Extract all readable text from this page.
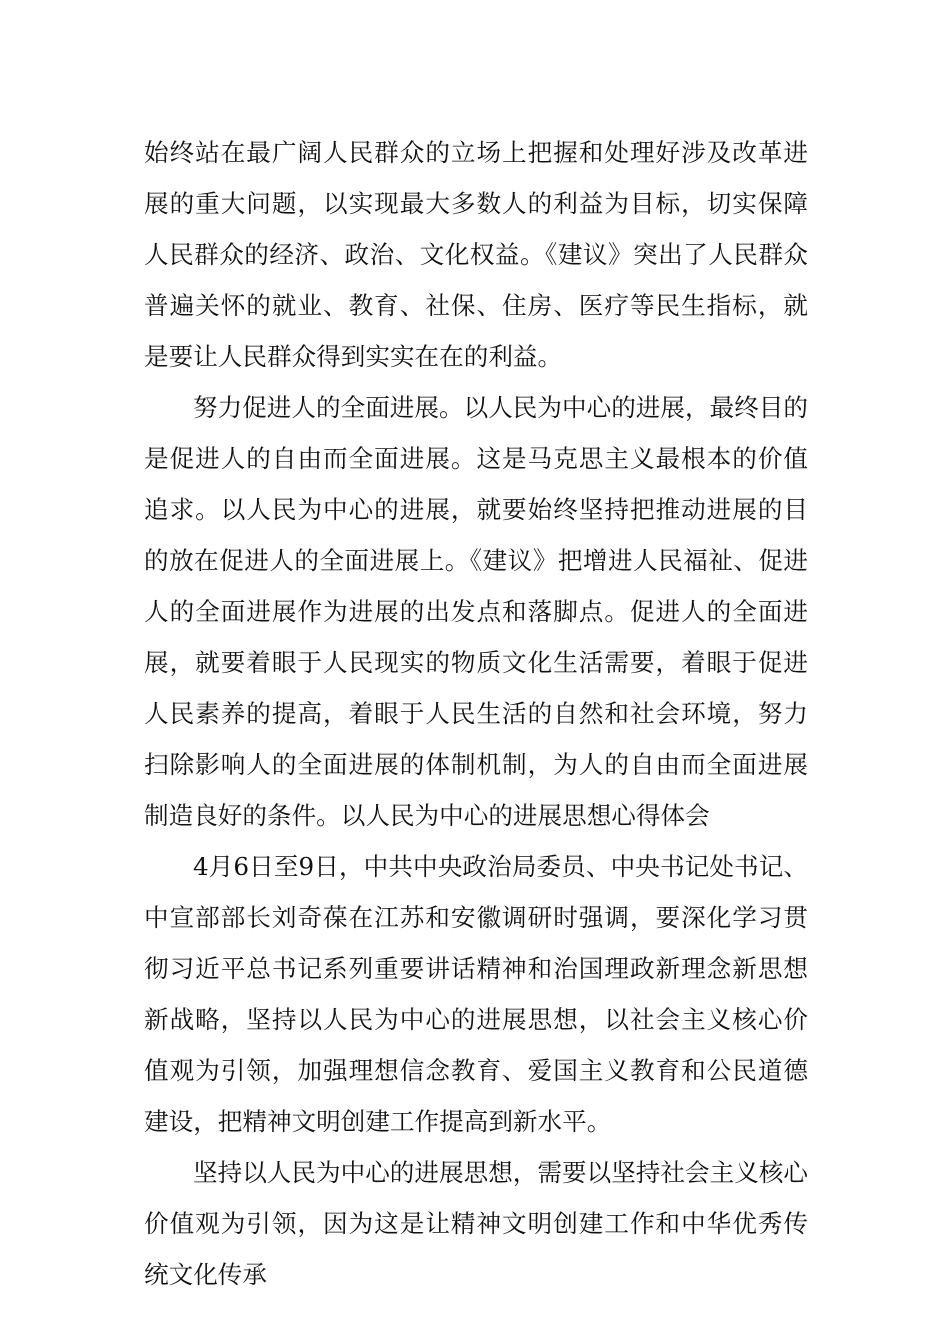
始终站在最广阔人民群众的立场上把握和处理好涉及改革进展的重大问题，以实现最大多数人的利益为目标，切实保障人民群众的经济、政治、文化权益。《建议》突出了人民群众普遍关怀的就业、教育、社保、住房、医疗等民生指标，就是要让人民群众得到实实在在的利益。

努力促进人的全面进展。以人民为中心的进展，最终目的是促进人的自由而全面进展。这是马克思主义最根本的价值追求。以人民为中心的进展，就要始终坚持把推动进展的目的放在促进人的全面进展上。《建议》把增进人民福祉、促进人的全面进展作为进展的出发点和落脚点。促进人的全面进展，就要着眼于人民现实的物质文化生活需要，着眼于促进人民素养的提高，着眼于人民生活的自然和社会环境，努力扫除影响人的全面进展的体制机制，为人的自由而全面进展制造良好的条件。以人民为中心的进展思想心得体会

4月6日至9日，中共中央政治局委员、中央书记处书记、中宣部部长刘奇葆在江苏和安徽调研时强调，要深化学习贯彻习近平总书记系列重要讲话精神和治国理政新理念新思想新战略，坚持以人民为中心的进展思想，以社会主义核心价值观为引领，加强理想信念教育、爱国主义教育和公民道德建设，把精神文明创建工作提高到新水平。

坚持以人民为中心的进展思想，需要以坚持社会主义核心价值观为引领，因为这是让精神文明创建工作和中华优秀传统文化传承
